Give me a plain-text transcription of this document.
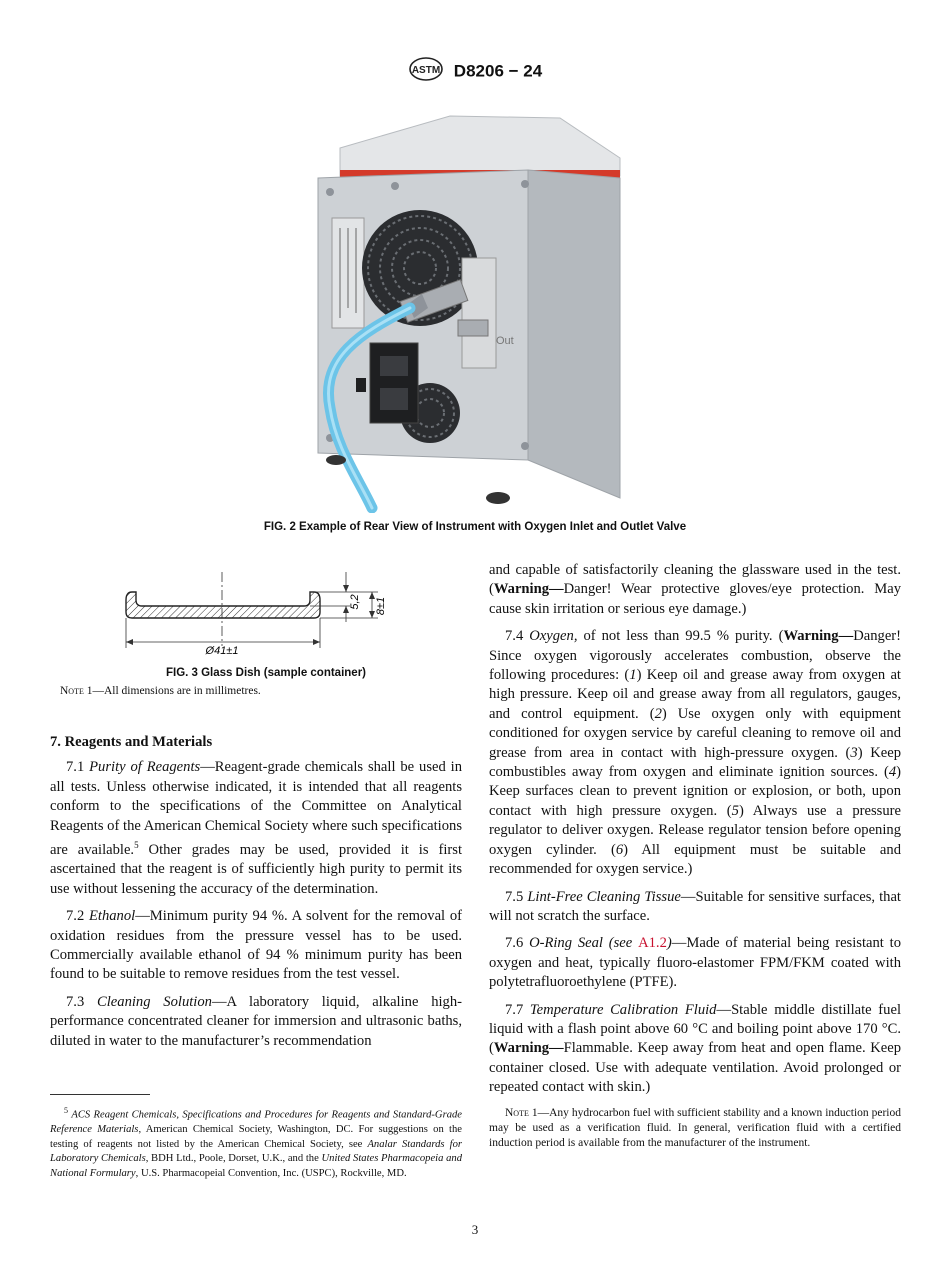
ASTM D8206 − 24
Out
FIG. 2 Example of Rear View of Instrument with Oxygen Inlet and Outlet Valve
5,2 8±1
Ø41±1
FIG. 3 Glass Dish (sample container)
Note 1—All dimensions are in millimetres.
7. Reagents and Materials

7.1 Purity of Reagents—Reagent-grade chemicals shall be used in all tests. Unless otherwise indicated, it is intended that all reagents conform to the specifications of the Committee on Analytical Reagents of the American Chemical Society where such specifications are available.$^5$ Other grades may be used, provided it is first ascertained that the reagent is of sufficiently high purity to permit its use without lessening the accuracy of the determination.

7.2 Ethanol—Minimum purity 94 %. A solvent for the removal of oxidation residues from the pressure vessel has to be used. Commercially available ethanol of 94 % minimum purity has been found to be suitable to remove residues from the test vessel.

7.3 Cleaning Solution—A laboratory liquid, alkaline high-performance concentrated cleaner for immersion and ultrasonic baths, diluted in water to the manufacturer’s recommendation

$^5$ ACS Reagent Chemicals, Specifications and Procedures for Reagents and Standard-Grade Reference Materials, American Chemical Society, Washington, DC. For suggestions on the testing of reagents not listed by the American Chemical Society, see Analar Standards for Laboratory Chemicals, BDH Ltd., Poole, Dorset, U.K., and the United States Pharmacopeia and National Formulary, U.S. Pharmacopeial Convention, Inc. (USPC), Rockville, MD.

and capable of satisfactorily cleaning the glassware used in the test. (Warning—Danger! Wear protective gloves/eye protection. May cause skin irritation or serious eye damage.)

7.4 Oxygen, of not less than 99.5 % purity. (Warning—Danger! Since oxygen vigorously accelerates combustion, observe the following procedures: (1) Keep oil and grease away from oxygen at high pressure. Keep oil and grease away from all regulators, gauges, and control equipment. (2) Use oxygen only with equipment conditioned for oxygen service by careful cleaning to remove oil and grease from area in contact with high-pressure oxygen. (3) Keep combustibles away from oxygen and eliminate ignition sources. (4) Keep surfaces clean to prevent ignition or explosion, or both, upon contact with high pressure oxygen. (5) Always use a pressure regulator to deliver oxygen. Release regulator tension before opening oxygen cylinder. (6) All equipment must be suitable and recommended for oxygen service.)

7.5 Lint-Free Cleaning Tissue—Suitable for sensitive surfaces, that will not scratch the surface.

7.6 O-Ring Seal (see A1.2)—Made of material being resistant to oxygen and heat, typically fluoro-elastomer FPM/FKM coated with polytetrafluoroethylene (PTFE).

7.7 Temperature Calibration Fluid—Stable middle distillate fuel liquid with a flash point above 60 °C and boiling point above 170 °C. (Warning—Flammable. Keep away from heat and open flame. Keep container closed. Use with adequate ventilation. Avoid prolonged or repeated contact with skin.)

Note 1—Any hydrocarbon fuel with sufficient stability and a known induction period may be used as a verification fluid. In general, verification fluid with a certified induction period is available from the manufacturer of the instrument.
3
